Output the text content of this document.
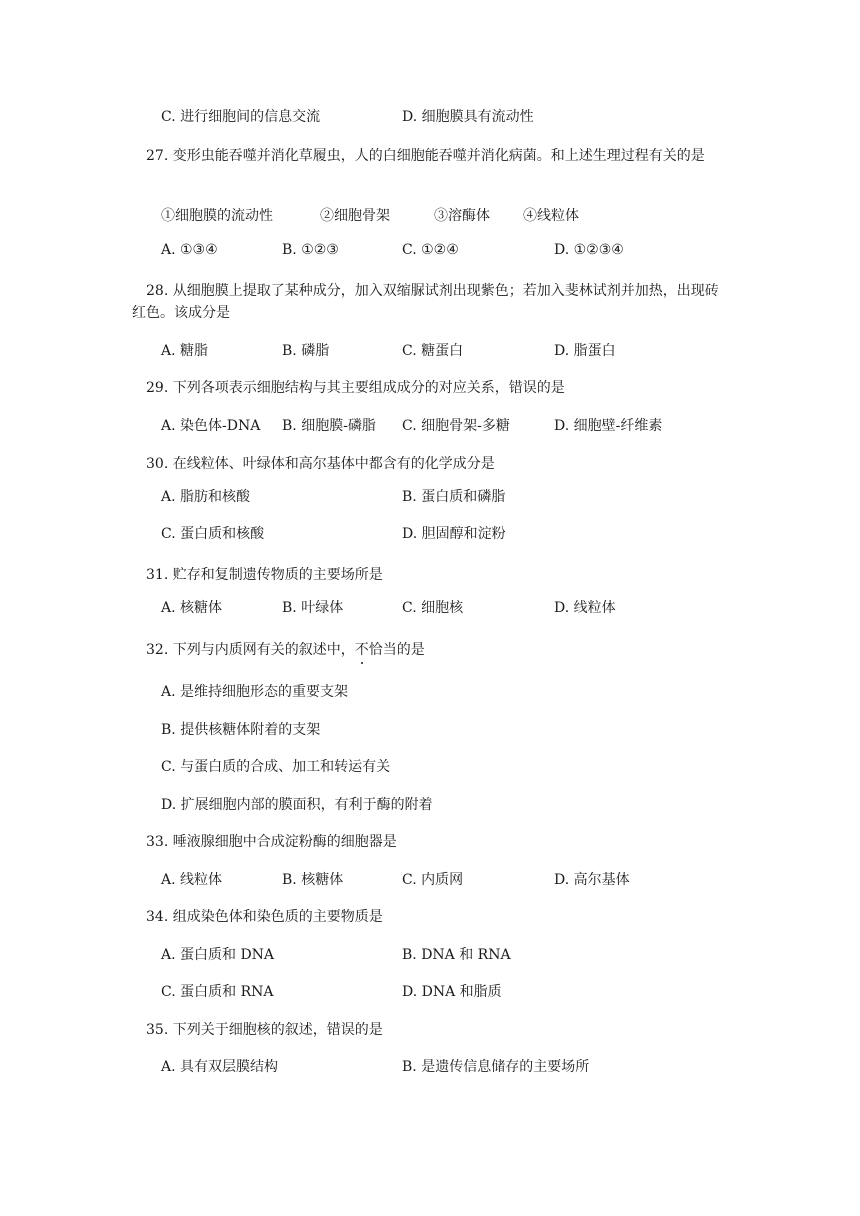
C. 进行细胞间的信息交流	D. 细胞膜具有流动性
27. 变形虫能吞噬并消化草履虫，人的白细胞能吞噬并消化病菌。和上述生理过程有关的是
①细胞膜的流动性	②细胞骨架	③溶酶体 ④线粒体
A. ①③④	B. ①②③	C. ①②④	D. ①②③④
28. 从细胞膜上提取了某种成分，加入双缩脲试剂出现紫色；若加入斐林试剂并加热，出现砖红色。该成分是
A. 糖脂	B. 磷脂	C. 糖蛋白	D. 脂蛋白
29. 下列各项表示细胞结构与其主要组成成分的对应关系，错误的是
A. 染色体-DNA B. 细胞膜-磷脂 C. 细胞骨架-多糖	D. 细胞壁-纤维素
30. 在线粒体、叶绿体和高尔基体中都含有的化学成分是
A. 脂肪和核酸	B. 蛋白质和磷脂
C. 蛋白质和核酸	D. 胆固醇和淀粉
31. 贮存和复制遗传物质的主要场所是
A. 核糖体	B. 叶绿体	C. 细胞核	D. 线粒体
32. 下列与内质网有关的叙述中，不恰当的是
A. 是维持细胞形态的重要支架
B. 提供核糖体附着的支架
C. 与蛋白质的合成、加工和转运有关
D. 扩展细胞内部的膜面积，有利于酶的附着
33. 唾液腺细胞中合成淀粉酶的细胞器是
A. 线粒体	B. 核糖体	C. 内质网	D. 高尔基体
34. 组成染色体和染色质的主要物质是
A. 蛋白质和 DNA	B. DNA 和 RNA
C. 蛋白质和 RNA	D. DNA 和脂质
35. 下列关于细胞核的叙述，错误的是
A. 具有双层膜结构	B. 是遗传信息储存的主要场所
